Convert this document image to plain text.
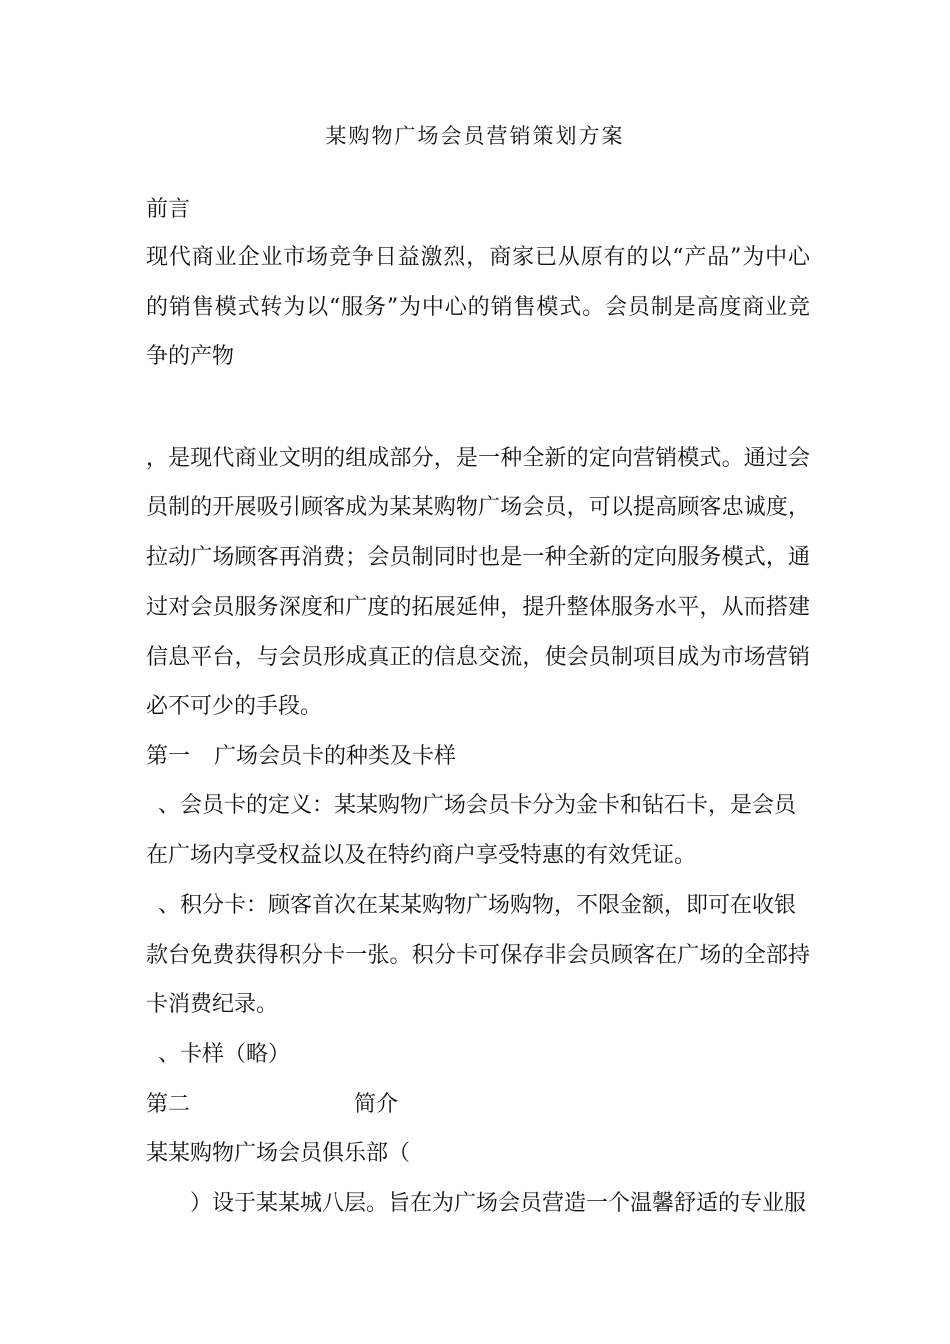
某购物广场会员营销策划方案
前言
现代商业企业市场竞争日益激烈，商家已从原有的以“产品”为中心
的销售模式转为以“服务”为中心的销售模式。会员制是高度商业竞
争的产物
，是现代商业文明的组成部分，是一种全新的定向营销模式。通过会
员制的开展吸引顾客成为某某购物广场会员，可以提高顾客忠诚度，
拉动广场顾客再消费；会员制同时也是一种全新的定向服务模式，通
过对会员服务深度和广度的拓展延伸，提升整体服务水平，从而搭建
信息平台，与会员形成真正的信息交流，使会员制项目成为市场营销
必不可少的手段。
第一 广场会员卡的种类及卡样
、会员卡的定义：某某购物广场会员卡分为金卡和钻石卡，是会员
在广场内享受权益以及在特约商户享受特惠的有效凭证。
、积分卡：顾客首次在某某购物广场购物，不限金额，即可在收银
款台免费获得积分卡一张。积分卡可保存非会员顾客在广场的全部持
卡消费纪录。
、卡样（略）
第二	简介
某某购物广场会员俱乐部（
）设于某某城八层。旨在为广场会员营造一个温馨舒适的专业服
